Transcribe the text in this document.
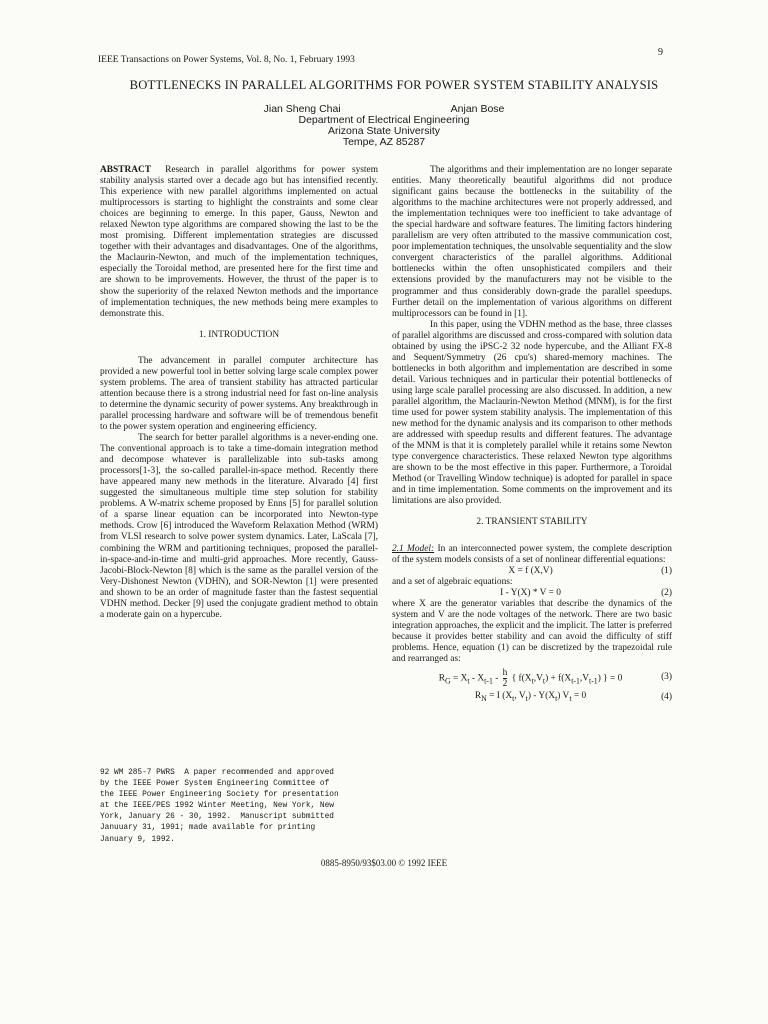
IEEE Transactions on Power Systems, Vol. 8, No. 1, February 1993
9
BOTTLENECKS IN PARALLEL ALGORITHMS FOR POWER SYSTEM STABILITY ANALYSIS
Jian Sheng Chai	Anjan Bose
Department of Electrical Engineering
Arizona State University
Tempe, AZ 85287

ABSTRACT Research in parallel algorithms for power system stability analysis started over a decade ago but has intensified recently. This experience with new parallel algorithms implemented on actual multiprocessors is starting to highlight the constraints and some clear choices are beginning to emerge. In this paper, Gauss, Newton and relaxed Newton type algorithms are compared showing the last to be the most promising. Different implementation strategies are discussed together with their advantages and disadvantages. One of the algorithms, the Maclaurin-Newton, and much of the implementation techniques, especially the Toroidal method, are presented here for the first time and are shown to be improvements. However, the thrust of the paper is to show the superiority of the relaxed Newton methods and the importance of implementation techniques, the new methods being mere examples to demonstrate this.

1. INTRODUCTION

The advancement in parallel computer architecture has provided a new powerful tool in better solving large scale complex power system problems. The area of transient stability has attracted particular attention because there is a strong industrial need for fast on-line analysis to determine the dynamic security of power systems. Any breakthrough in parallel processing hardware and software will be of tremendous benefit to the power system operation and engineering efficiency.

The search for better parallel algorithms is a never-ending one. The conventional approach is to take a time-domain integration method and decompose whatever is parallelizable into sub-tasks among processors[1-3], the so-called parallel-in-space method. Recently there have appeared many new methods in the literature. Alvarado [4] first suggested the simultaneous multiple time step solution for stability problems. A W-matrix scheme proposed by Enns [5] for parallel solution of a sparse linear equation can be incorporated into Newton-type methods. Crow [6] introduced the Waveform Relaxation Method (WRM) from VLSI research to solve power system dynamics. Later, LaScala [7], combining the WRM and partitioning techniques, proposed the parallel-in-space-and-in-time and multi-grid approaches. More recently, Gauss-Jacobi-Block-Newton [8] which is the same as the parallel version of the Very-Dishonest Newton (VDHN), and SOR-Newton [1] were presented and shown to be an order of magnitude faster than the fastest sequential VDHN method. Decker [9] used the conjugate gradient method to obtain a moderate gain on a hypercube.

92 WM 285-7 PWRS  A paper recommended and approved
by the IEEE Power System Engineering Committee of
the IEEE Power Engineering Society for presentation
at the IEEE/PES 1992 Winter Meeting, New York, New
York, January 26 - 30, 1992.  Manuscript submitted
Januuary 31, 1991; made available for printing
January 9, 1992.

The algorithms and their implementation are no longer separate entities. Many theoretically beautiful algorithms did not produce significant gains because the bottlenecks in the suitability of the algorithms to the machine architectures were not properly addressed, and the implementation techniques were too inefficient to take advantage of the special hardware and software features. The limiting factors hindering parallelism are very often attributed to the massive communication cost, poor implementation techniques, the unsolvable sequentiality and the slow convergent characteristics of the parallel algorithms. Additional bottlenecks within the often unsophisticated compilers and their extensions provided by the manufacturers may not be visible to the programmer and thus considerably down-grade the parallel speedups. Further detail on the implementation of various algorithms on different multiprocessors can be found in [1].

In this paper, using the VDHN method as the base, three classes of parallel algorithms are discussed and cross-compared with solution data obtained by using the iPSC-2 32 node hypercube, and the Alliant FX-8 and Sequent/Symmetry (26 cpu's) shared-memory machines. The bottlenecks in both algorithm and implementation are described in some detail. Various techniques and in particular their potential bottlenecks of using large scale parallel processing are also discussed. In addition, a new parallel algorithm, the Maclaurin-Newton Method (MNM), is for the first time used for power system stability analysis. The implementation of this new method for the dynamic analysis and its comparison to other methods are addressed with speedup results and different features. The advantage of the MNM is that it is completely parallel while it retains some Newton type convergence characteristics. These relaxed Newton type algorithms are shown to be the most effective in this paper. Furthermore, a Toroidal Method (or Travelling Window technique) is adopted for parallel in space and in time implementation. Some comments on the improvement and its limitations are also provided.

2. TRANSIENT STABILITY

2.1 Model: In an interconnected power system, the complete description of the system models consists of a set of nonlinear differential equations:

X = f (X,V)	(1)

and a set of algebraic equations:

I - Y(X) * V = 0	(2)

where X are the generator variables that describe the dynamics of the system and V are the node voltages of the network. There are two basic integration approaches, the explicit and the implicit. The latter is preferred because it provides better stability and can avoid the difficulty of stiff problems. Hence, equation (1) can be discretized by the trapezoidal rule and rearranged as:

$R_G = X_t - X_{t-1} - \frac{h}{2}$ { $f(X_t,V_t) + f(X_{t-1},V_{t-1})$ } = 0	(3)
$R_N = I$ ($X_t$, $V_t) - Y(X_t)$ $V_t = 0$	(4)
0885-8950/93$03.00 © 1992 IEEE
